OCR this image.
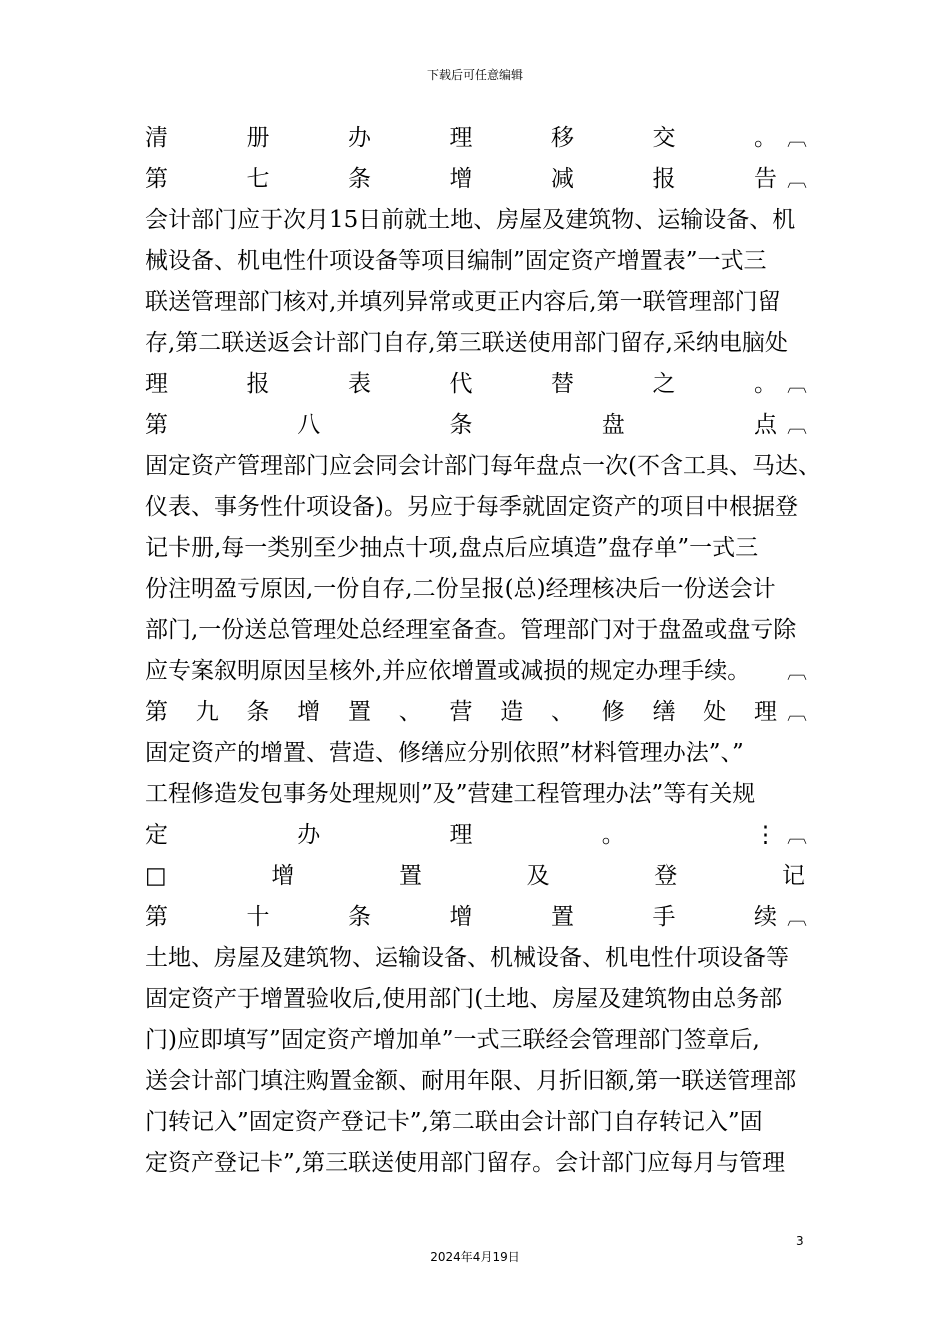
下载后可任意编辑
清	册	办	理	移	交	。 ︹
第	七	条	增	减	报	告 ︹
会计部门应于次月15日前就土地、房屋及建筑物、运输设备、机
械设备、机电性什项设备等项目编制”固定资产增置表”一式三
联送管理部门核对,并填列异常或更正内容后,第一联管理部门留
存,第二联送返会计部门自存,第三联送使用部门留存,采纳电脑处
理	报	表	代	替	之	。 ︹
第	八	条	盘	点 ︹
固定资产管理部门应会同会计部门每年盘点一次(不含工具、马达、
仪表、事务性什项设备)。另应于每季就固定资产的项目中根据登
记卡册,每一类别至少抽点十项,盘点后应填造”盘存单”一式三
份注明盈亏原因,一份自存,二份呈报(总)经理核决后一份送会计
部门,一份送总管理处总经理室备查。管理部门对于盘盈或盘亏除
应专案叙明原因呈核外,并应依增置或减损的规定办理手续。 ︹
第 九 条 增 置 、 营 造 、 修 缮 处 理 ︹
固定资产的增置、营造、修缮应分别依照”材料管理办法”、”
工程修造发包事务处理规则”及”营建工程管理办法”等有关规
定	办	理	。	⋮ ︹
□	增	置	及	登	记
第	十	条	增	置	手	续 ︹
土地、房屋及建筑物、运输设备、机械设备、机电性什项设备等
固定资产于增置验收后,使用部门(土地、房屋及建筑物由总务部
门)应即填写”固定资产增加单”一式三联经会管理部门签章后,
送会计部门填注购置金额、耐用年限、月折旧额,第一联送管理部
门转记入”固定资产登记卡”,第二联由会计部门自存转记入”固
定资产登记卡”,第三联送使用部门留存。会计部门应每月与管理
3
2024年4月19日
